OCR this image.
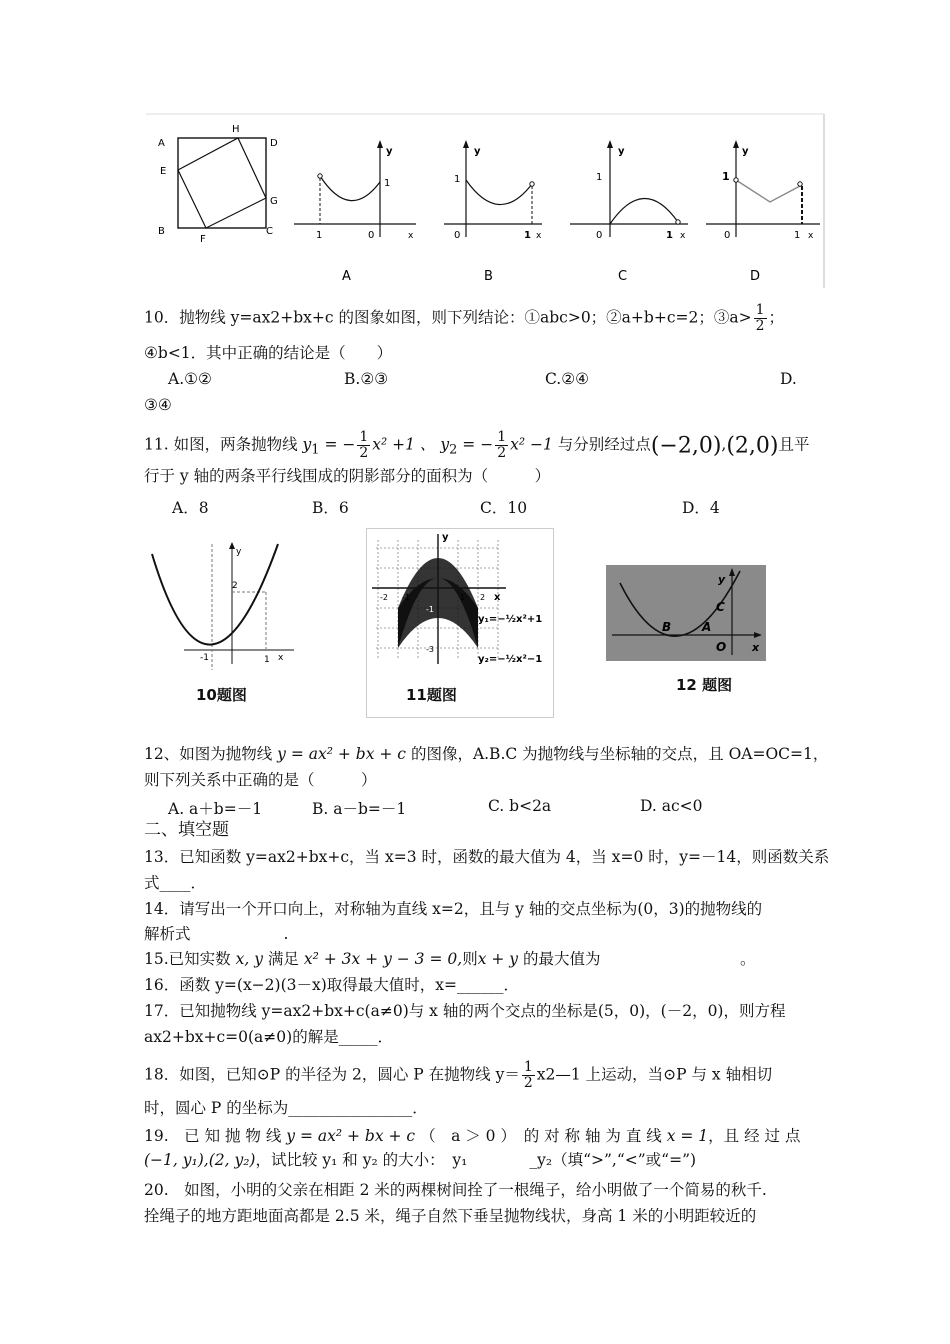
A
H
D
E
G
B
F
C
y
1
1	0	x
y
1
0	1 x
y
1
0	1 x
y
1
0	1 x
A	B	C	D
10．抛物线 y=ax2+bx+c 的图象如图，则下列结论：①abc>0；②a+b+c=2；③a> $\frac{1}{2}$ ；
④b<1．其中正确的结论是（　　）
A.①②	B.②③	C.②④	D.
③④
11. 如图，两条抛物线 $y_1$ = − $\frac{1}{2} x^2 +1$ 、 $y_2$ = − $\frac{1}{2} x^2 -1$ 与分别经过点(−2,0),(2,0)且平
行于 y 轴的两条平行线围成的阴影部分的面积为（　　　）
A．8	B．6	C．10	D．4
y
2
-1	1 x
10题图
y
x
-2 -1	1 2
-1
-2
-3
y₁=−½x²+1
y₂=−½x²−1
11题图
y
B	A
C
O x
12 题图
12、如图为抛物线 y = ax² + bx + c 的图像，A.B.C 为抛物线与坐标轴的交点，且 OA=OC=1，
则下列关系中正确的是（　　　）
A. a＋b=－1	B. a－b=－1	C. b<2a	D. ac<0
二、填空题
13．已知函数 y=ax2+bx+c，当 x=3 时，函数的最大值为 4，当 x=0 时，y=－14，则函数关系
式____．
14．请写出一个开口向上，对称轴为直线 x=2，且与 y 轴的交点坐标为(0，3)的抛物线的
解析式　　　　　　.
15.已知实数 x, y 满足 x² + 3x + y − 3 = 0,则x + y 的最大值为　　　　　　　　　。
16．函数 y=(x−2)(3－x)取得最大值时，x=______．
17．已知抛物线 y=ax2+bx+c(a≠0)与 x 轴的两个交点的坐标是(5，0)，(－2，0)，则方程
ax2+bx+c=0(a≠0)的解是_____．
18．如图，已知⊙P 的半径为 2，圆心 P 在抛物线 $y= \frac{1}{2}$ x2—1 上运动，当⊙P 与 x 轴相切
时，圆心 P 的坐标为________________．
19.　已 知 抛 物 线 y = ax² + bx + c （　a ＞ 0 ）　的 对 称 轴 为 直 线 x = 1，且 经 过 点
(−1, y₁),(2, y₂)，试比较 y₁ 和 y₂ 的大小：　y₁　　　　_y₂（填“>”,“<”或“=”)
20.　如图，小明的父亲在相距 2 米的两棵树间拴了一根绳子，给小明做了一个简易的秋千.
拴绳子的地方距地面高都是 2.5 米，绳子自然下垂呈抛物线状，身高 1 米的小明距较近的
